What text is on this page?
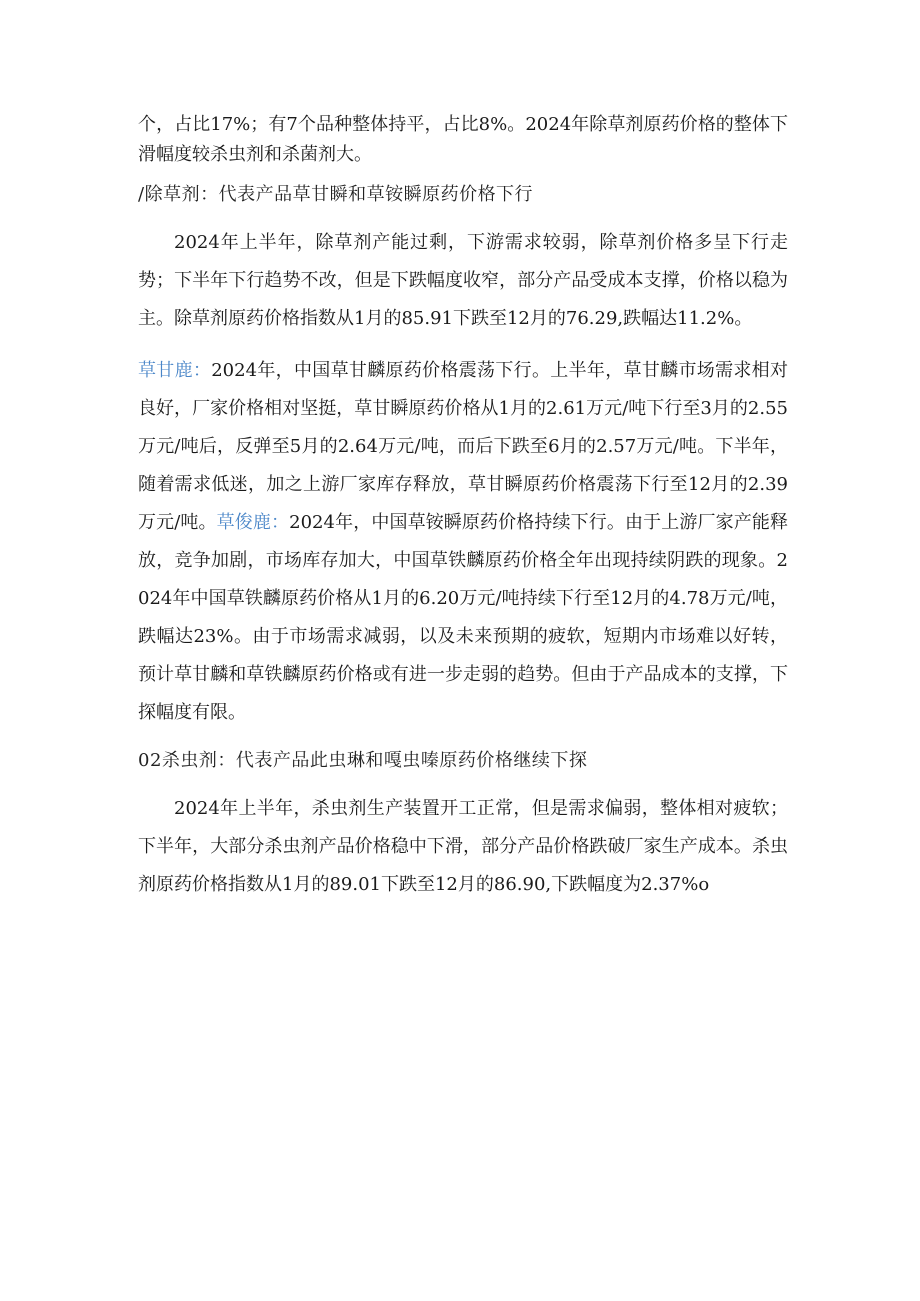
个，占比17%；有7个品种整体持平，占比8%。2024年除草剂原药价格的整体下滑幅度较杀虫剂和杀菌剂大。

/除草剂：代表产品草甘瞬和草铵瞬原药价格下行

2024年上半年，除草剂产能过剩，下游需求较弱，除草剂价格多呈下行走势；下半年下行趋势不改，但是下跌幅度收窄，部分产品受成本支撑，价格以稳为主。除草剂原药价格指数从1月的85.91下跌至12月的76.29,跌幅达11.2%。

草甘鹿：2024年，中国草甘麟原药价格震荡下行。上半年，草甘麟市场需求相对良好，厂家价格相对坚挺，草甘瞬原药价格从1月的2.61万元/吨下行至3月的2.55万元/吨后，反弹至5月的2.64万元/吨，而后下跌至6月的2.57万元/吨。下半年，随着需求低迷，加之上游厂家库存释放，草甘瞬原药价格震荡下行至12月的2.39万元/吨。草俊鹿：2024年，中国草铵瞬原药价格持续下行。由于上游厂家产能释放，竞争加剧，市场库存加大，中国草铁麟原药价格全年出现持续阴跌的现象。2024年中国草铁麟原药价格从1月的6.20万元/吨持续下行至12月的4.78万元/吨，跌幅达23%。由于市场需求减弱，以及未来预期的疲软，短期内市场难以好转，预计草甘麟和草铁麟原药价格或有进一步走弱的趋势。但由于产品成本的支撑，下探幅度有限。

02杀虫剂：代表产品此虫琳和嘎虫嗪原药价格继续下探

2024年上半年，杀虫剂生产装置开工正常，但是需求偏弱，整体相对疲软；下半年，大部分杀虫剂产品价格稳中下滑，部分产品价格跌破厂家生产成本。杀虫剂原药价格指数从1月的89.01下跌至12月的86.90,下跌幅度为2.37%o
